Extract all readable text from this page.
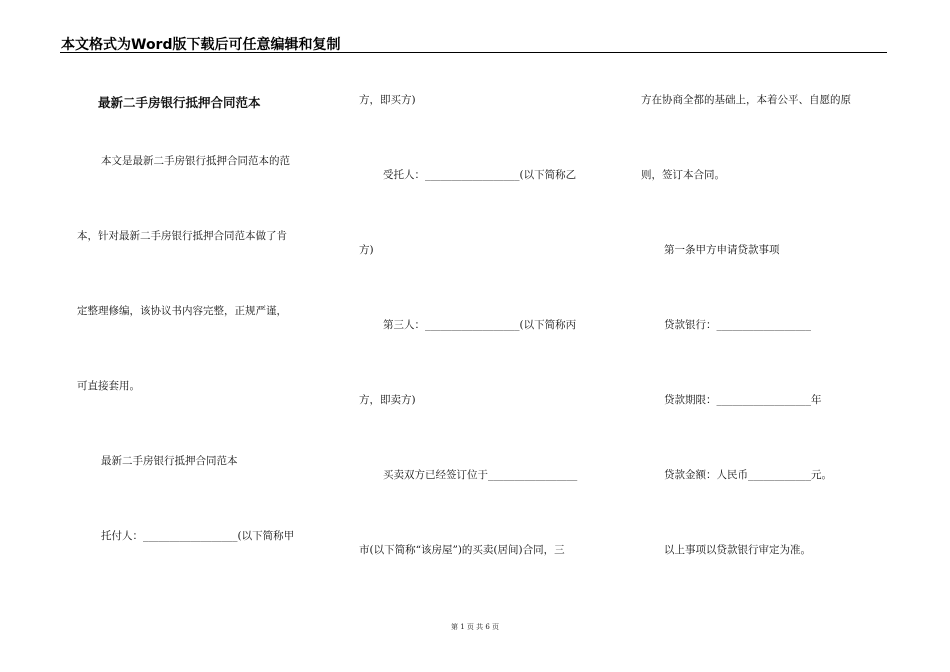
本文格式为Word版下载后可任意编辑和复制
最新二手房银行抵押合同范本
本文是最新二手房银行抵押合同范本的范
本，针对最新二手房银行抵押合同范本做了肯
定整理修编，该协议书内容完整，正规严谨，
可直接套用。
最新二手房银行抵押合同范本
托付人：__________________(以下简称甲
方，即买方)
受托人：__________________(以下简称乙
方)
第三人：__________________(以下简称丙
方，即卖方)
买卖双方已经签订位于_________________
市(以下简称“该房屋”)的买卖(居间)合同，三
方在协商全都的基础上，本着公平、自愿的原
则，签订本合同。
第一条甲方申请贷款事项
贷款银行：__________________
贷款期限：__________________年
贷款金额：人民币____________元。
以上事项以贷款银行审定为准。
第 1 页 共 6 页
